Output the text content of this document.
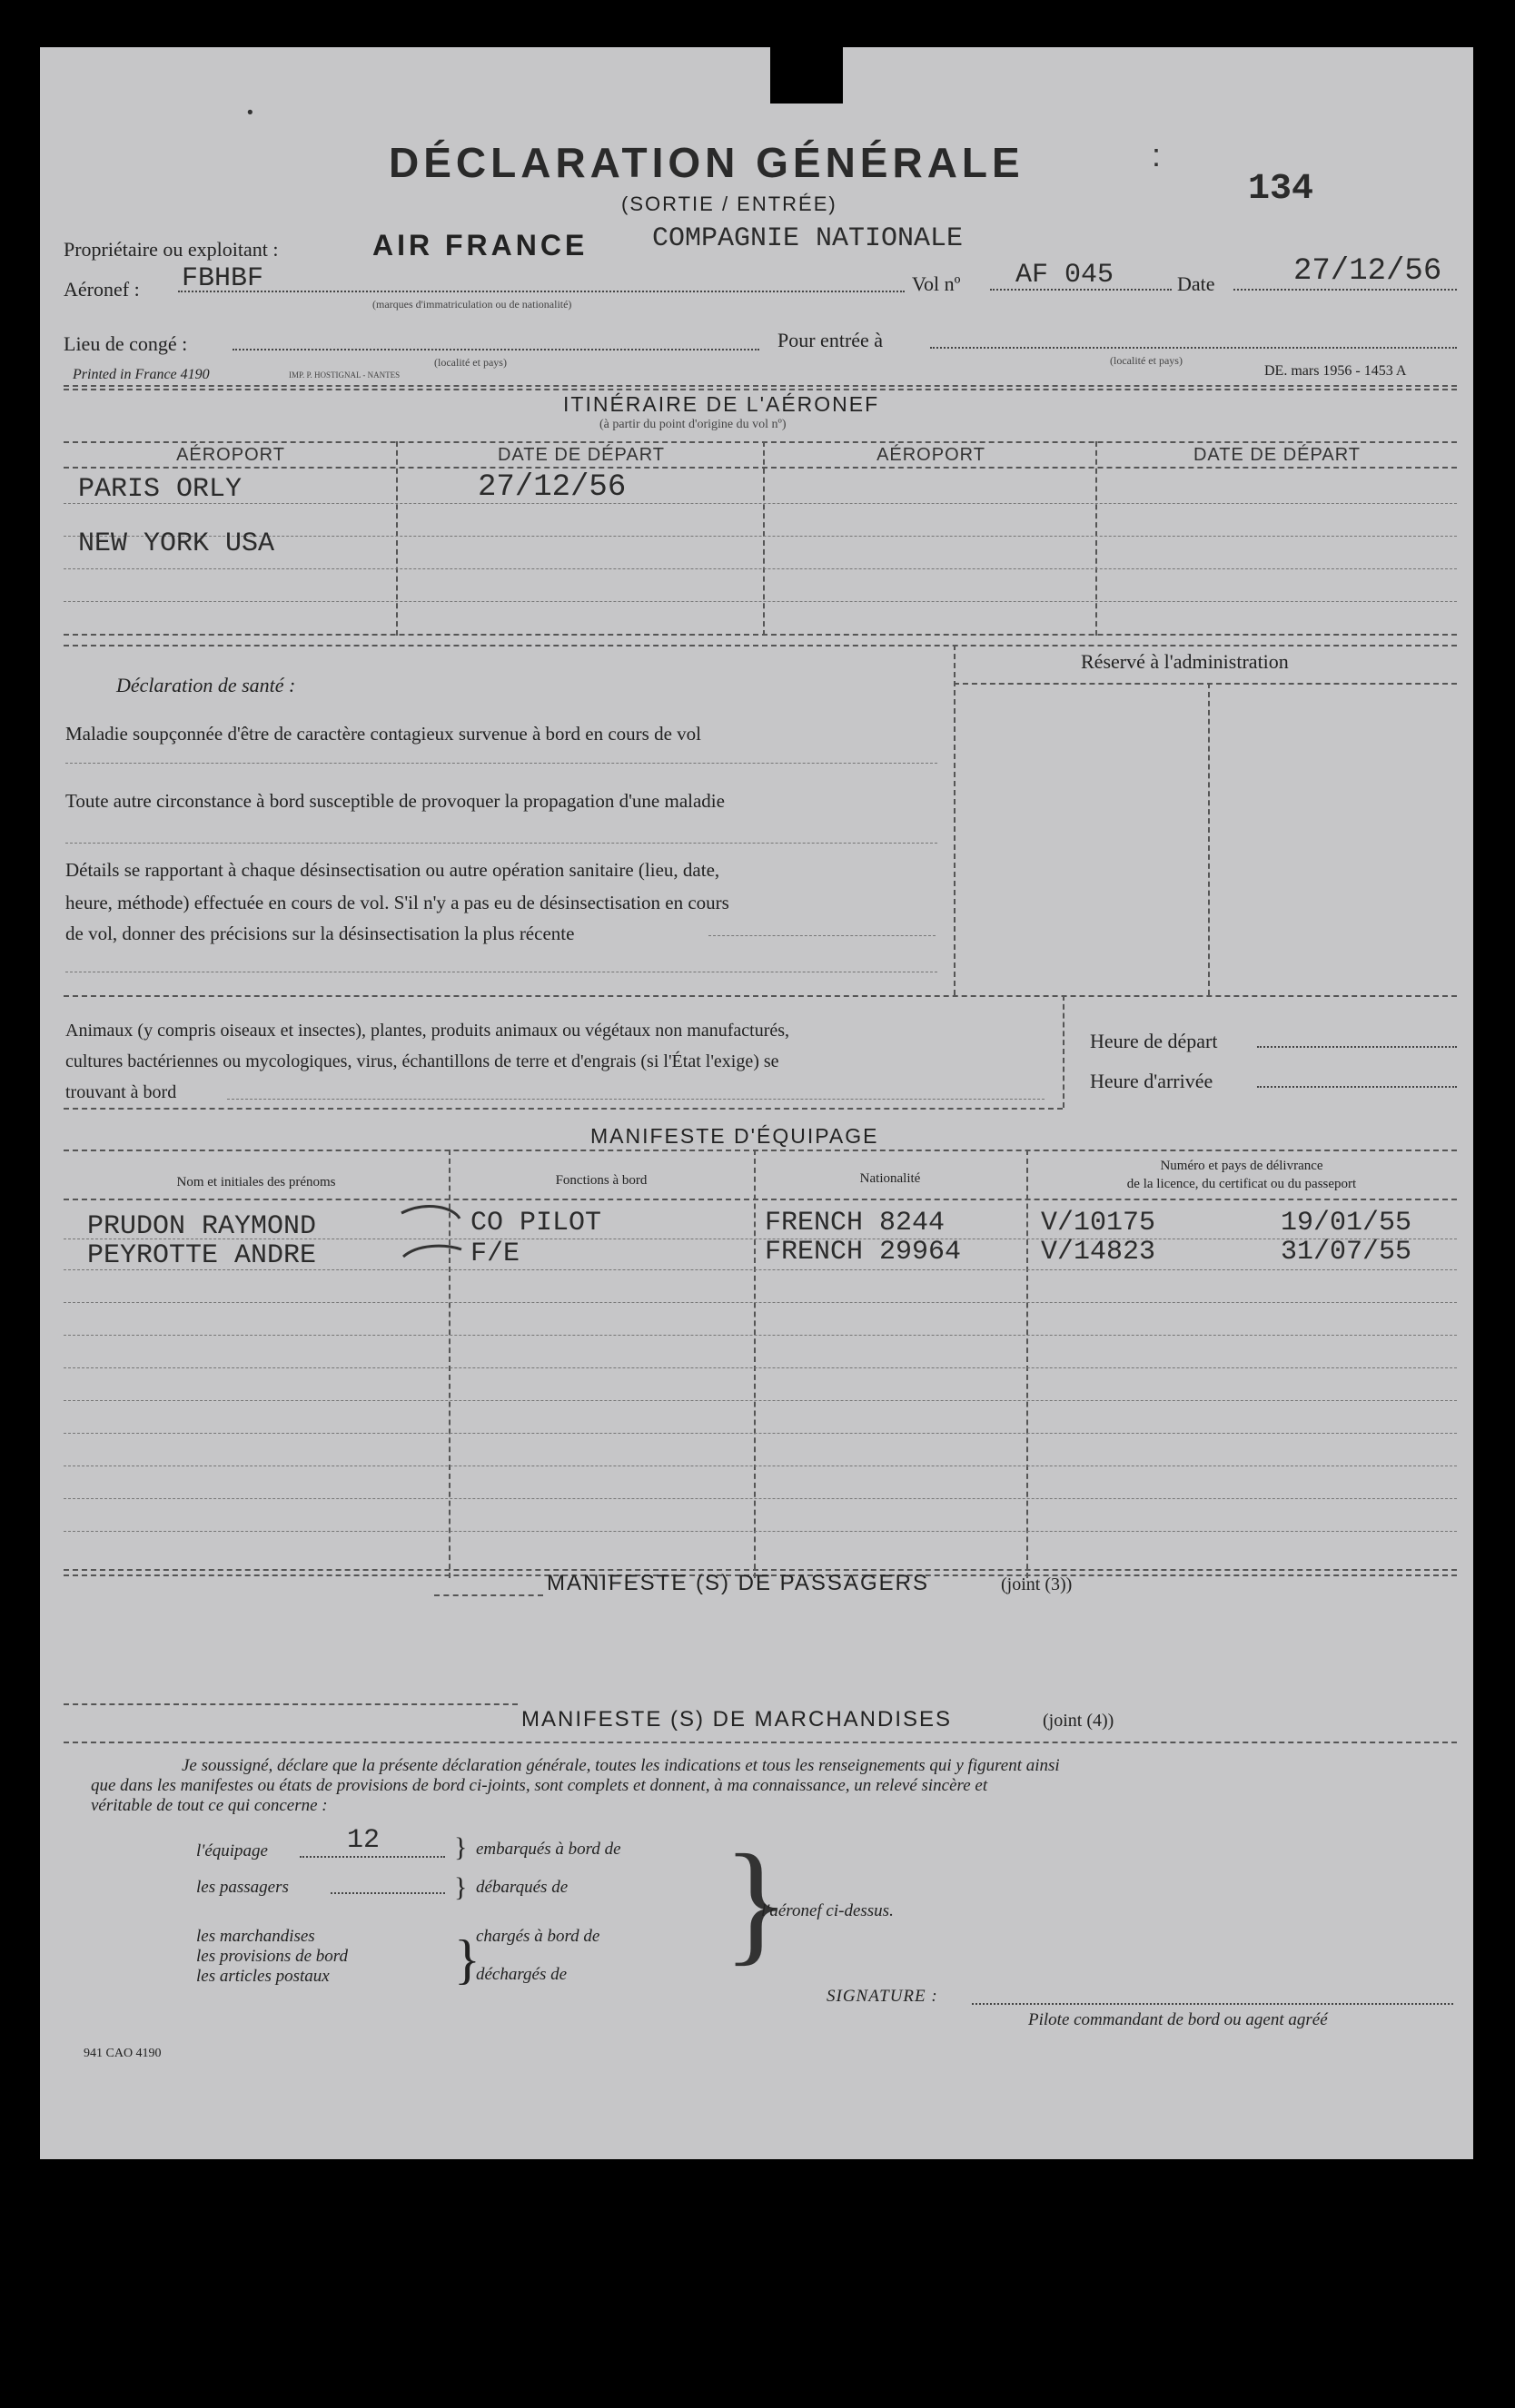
·
DÉCLARATION GÉNÉRALE	:
(SORTIE / ENTRÉE)	134
Propriétaire ou exploitant :	AIR FRANCE COMPAGNIE NATIONALE
Aéronef : FBHBF
(marques d'immatriculation ou de nationalité)
Vol nº AF 045	Date	27/12/56
Lieu de congé :
(localité et pays)
Pour entrée à
(localité et pays)
Printed in France 4190	IMP. P. HOSTIGNAL - NANTES	DE. mars 1956 - 1453 A
ITINÉRAIRE DE L'AÉRONEF
(à partir du point d'origine du vol nº)
AÉROPORT	DATE DE DÉPART	AÉROPORT	DATE DE DÉPART
PARIS ORLY	27/12/56
NEW YORK USA
Déclaration de santé :
Réservé à l'administration
Maladie soupçonnée d'être de caractère contagieux survenue à bord en cours de vol
Toute autre circonstance à bord susceptible de provoquer la propagation d'une maladie
Détails se rapportant à chaque désinsectisation ou autre opération sanitaire (lieu, date,
heure, méthode) effectuée en cours de vol. S'il n'y a pas eu de désinsectisation en cours
de vol, donner des précisions sur la désinsectisation la plus récente
Animaux (y compris oiseaux et insectes), plantes, produits animaux ou végétaux non manufacturés,
cultures bactériennes ou mycologiques, virus, échantillons de terre et d'engrais (si l'État l'exige) se
trouvant à bord
Heure de départ
Heure d'arrivée
MANIFESTE D'ÉQUIPAGE
Nom et initiales des prénoms	Fonctions à bord	Nationalité
Numéro et pays de délivrance
de la licence, du certificat ou du passeport
PRUDON RAYMOND	CO PILOT	FRENCH 8244	V/10175	19/01/55
PEYROTTE ANDRE	F/E	FRENCH 29964	V/14823	31/07/55
MANIFESTE (S) DE PASSAGERS	(joint (3))
MANIFESTE (S) DE MARCHANDISES	(joint (4))
Je soussigné, déclare que la présente déclaration générale, toutes les indications et tous les renseignements qui y figurent ainsi
que dans les manifestes ou états de provisions de bord ci-joints, sont complets et donnent, à ma connaissance, un relevé sincère et
véritable de tout ce qui concerne :
l'équipage	12
les passagers
les marchandises
les provisions de bord
les articles postaux
}
}
}
embarqués à bord de
débarqués de
chargés à bord de
déchargés de }
l'aéronef ci-dessus.
SIGNATURE :
Pilote commandant de bord ou agent agréé
941 CAO 4190
